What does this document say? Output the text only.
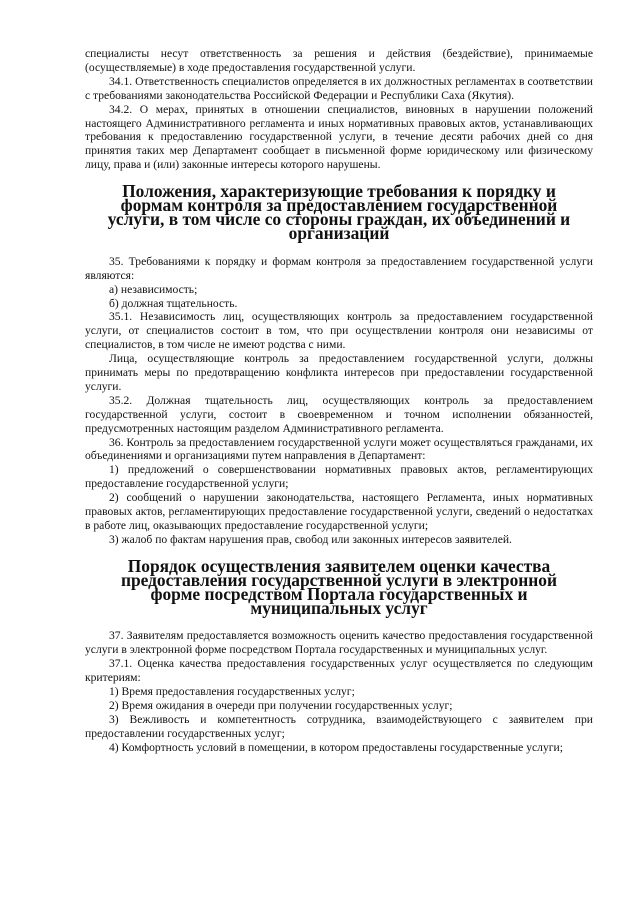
специалисты несут ответственность за решения и действия (бездействие), принимаемые (осуществляемые) в ходе предоставления государственной услуги.

34.1. Ответственность специалистов определяется в их должностных регламентах в соответствии с требованиями законодательства Российской Федерации и Республики Саха (Якутия).

34.2. О мерах, принятых в отношении специалистов, виновных в нарушении положений настоящего Административного регламента и иных нормативных правовых актов, устанавливающих требования к предоставлению государственной услуги, в течение десяти рабочих дней со дня принятия таких мер Департамент сообщает в письменной форме юридическому или физическому лицу, права и (или) законные интересы которого нарушены.

Положения, характеризующие требования к порядку и формам контроля за предоставлением государственной услуги, в том числе со стороны граждан, их объединений и организаций

35. Требованиями к порядку и формам контроля за предоставлением государственной услуги являются:

а) независимость;

б) должная тщательность.

35.1. Независимость лиц, осуществляющих контроль за предоставлением государственной услуги, от специалистов состоит в том, что при осуществлении контроля они независимы от специалистов, в том числе не имеют родства с ними.

Лица, осуществляющие контроль за предоставлением государственной услуги, должны принимать меры по предотвращению конфликта интересов при предоставлении государственной услуги.

35.2. Должная тщательность лиц, осуществляющих контроль за предоставлением государственной услуги, состоит в своевременном и точном исполнении обязанностей, предусмотренных настоящим разделом Административного регламента.

36. Контроль за предоставлением государственной услуги может осуществляться гражданами, их объединениями и организациями путем направления в Департамент:

1) предложений о совершенствовании нормативных правовых актов, регламентирующих предоставление государственной услуги;

2) сообщений о нарушении законодательства, настоящего Регламента, иных нормативных правовых актов, регламентирующих предоставление государственной услуги, сведений о недостатках в работе лиц, оказывающих предоставление государственной услуги;

3) жалоб по фактам нарушения прав, свобод или законных интересов заявителей.

Порядок осуществления заявителем оценки качества предоставления государственной услуги в электронной форме посредством Портала государственных и муниципальных услуг

37. Заявителям предоставляется возможность оценить качество предоставления государственной услуги в электронной форме посредством Портала государственных и муниципальных услуг.

37.1. Оценка качества предоставления государственных услуг осуществляется по следующим критериям:

1) Время предоставления государственных услуг;

2) Время ожидания в очереди при получении государственных услуг;

3) Вежливость и компетентность сотрудника, взаимодействующего с заявителем при предоставлении государственных услуг;

4) Комфортность условий в помещении, в котором предоставлены государственные услуги;
